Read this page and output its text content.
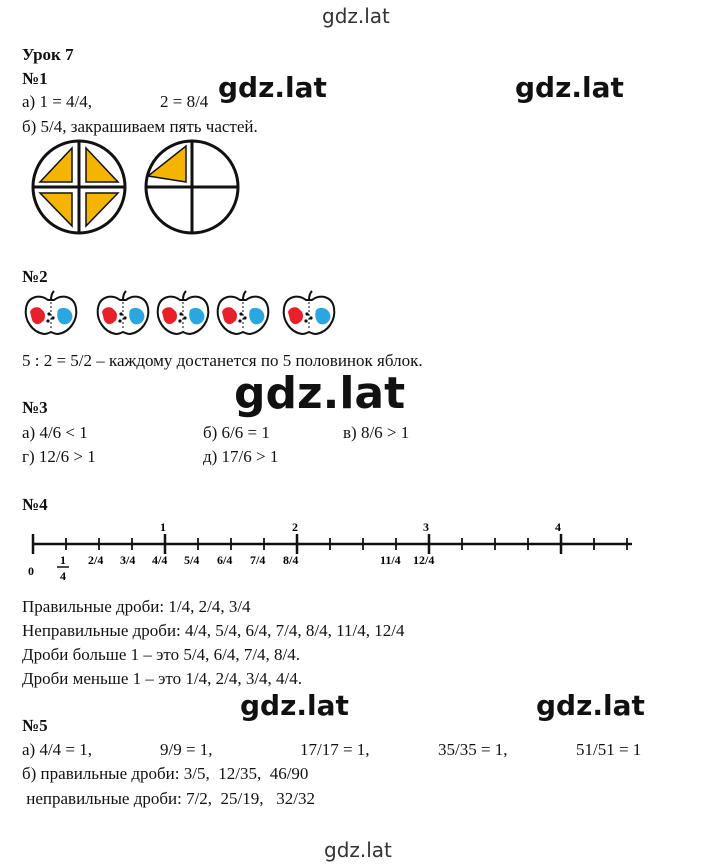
gdz.lat
gdz.lat	gdz.lat
gdz.lat
gdz.lat	gdz.lat
gdz.lat
Урок 7
№1
а) 1 = 4/4,	2 = 8/4
б) 5/4, закрашиваем пять частей.
№2
5 : 2 = 5/2 – каждому достанется по 5 половинок яблок.
№3
а) 4/6 < 1	б) 6/6 = 1	в) 8/6 > 1
г) 12/6 > 1	д) 17/6 > 1
№4
1	2	3	4
0
1
4
2/4 3/4 4/4 5/4 6/4 7/4 8/4	11/4 12/4
Правильные дроби: 1/4, 2/4, 3/4
Неправильные дроби: 4/4, 5/4, 6/4, 7/4, 8/4, 11/4, 12/4
Дроби больше 1 – это 5/4, 6/4, 7/4, 8/4.
Дроби меньше 1 – это 1/4, 2/4, 3/4, 4/4.
№5
а) 4/4 = 1,	9/9 = 1,	17/17 = 1,	35/35 = 1,	51/51 = 1
б) правильные дроби: 3/5,  12/35,  46/90
неправильные дроби: 7/2,  25/19,   32/32
